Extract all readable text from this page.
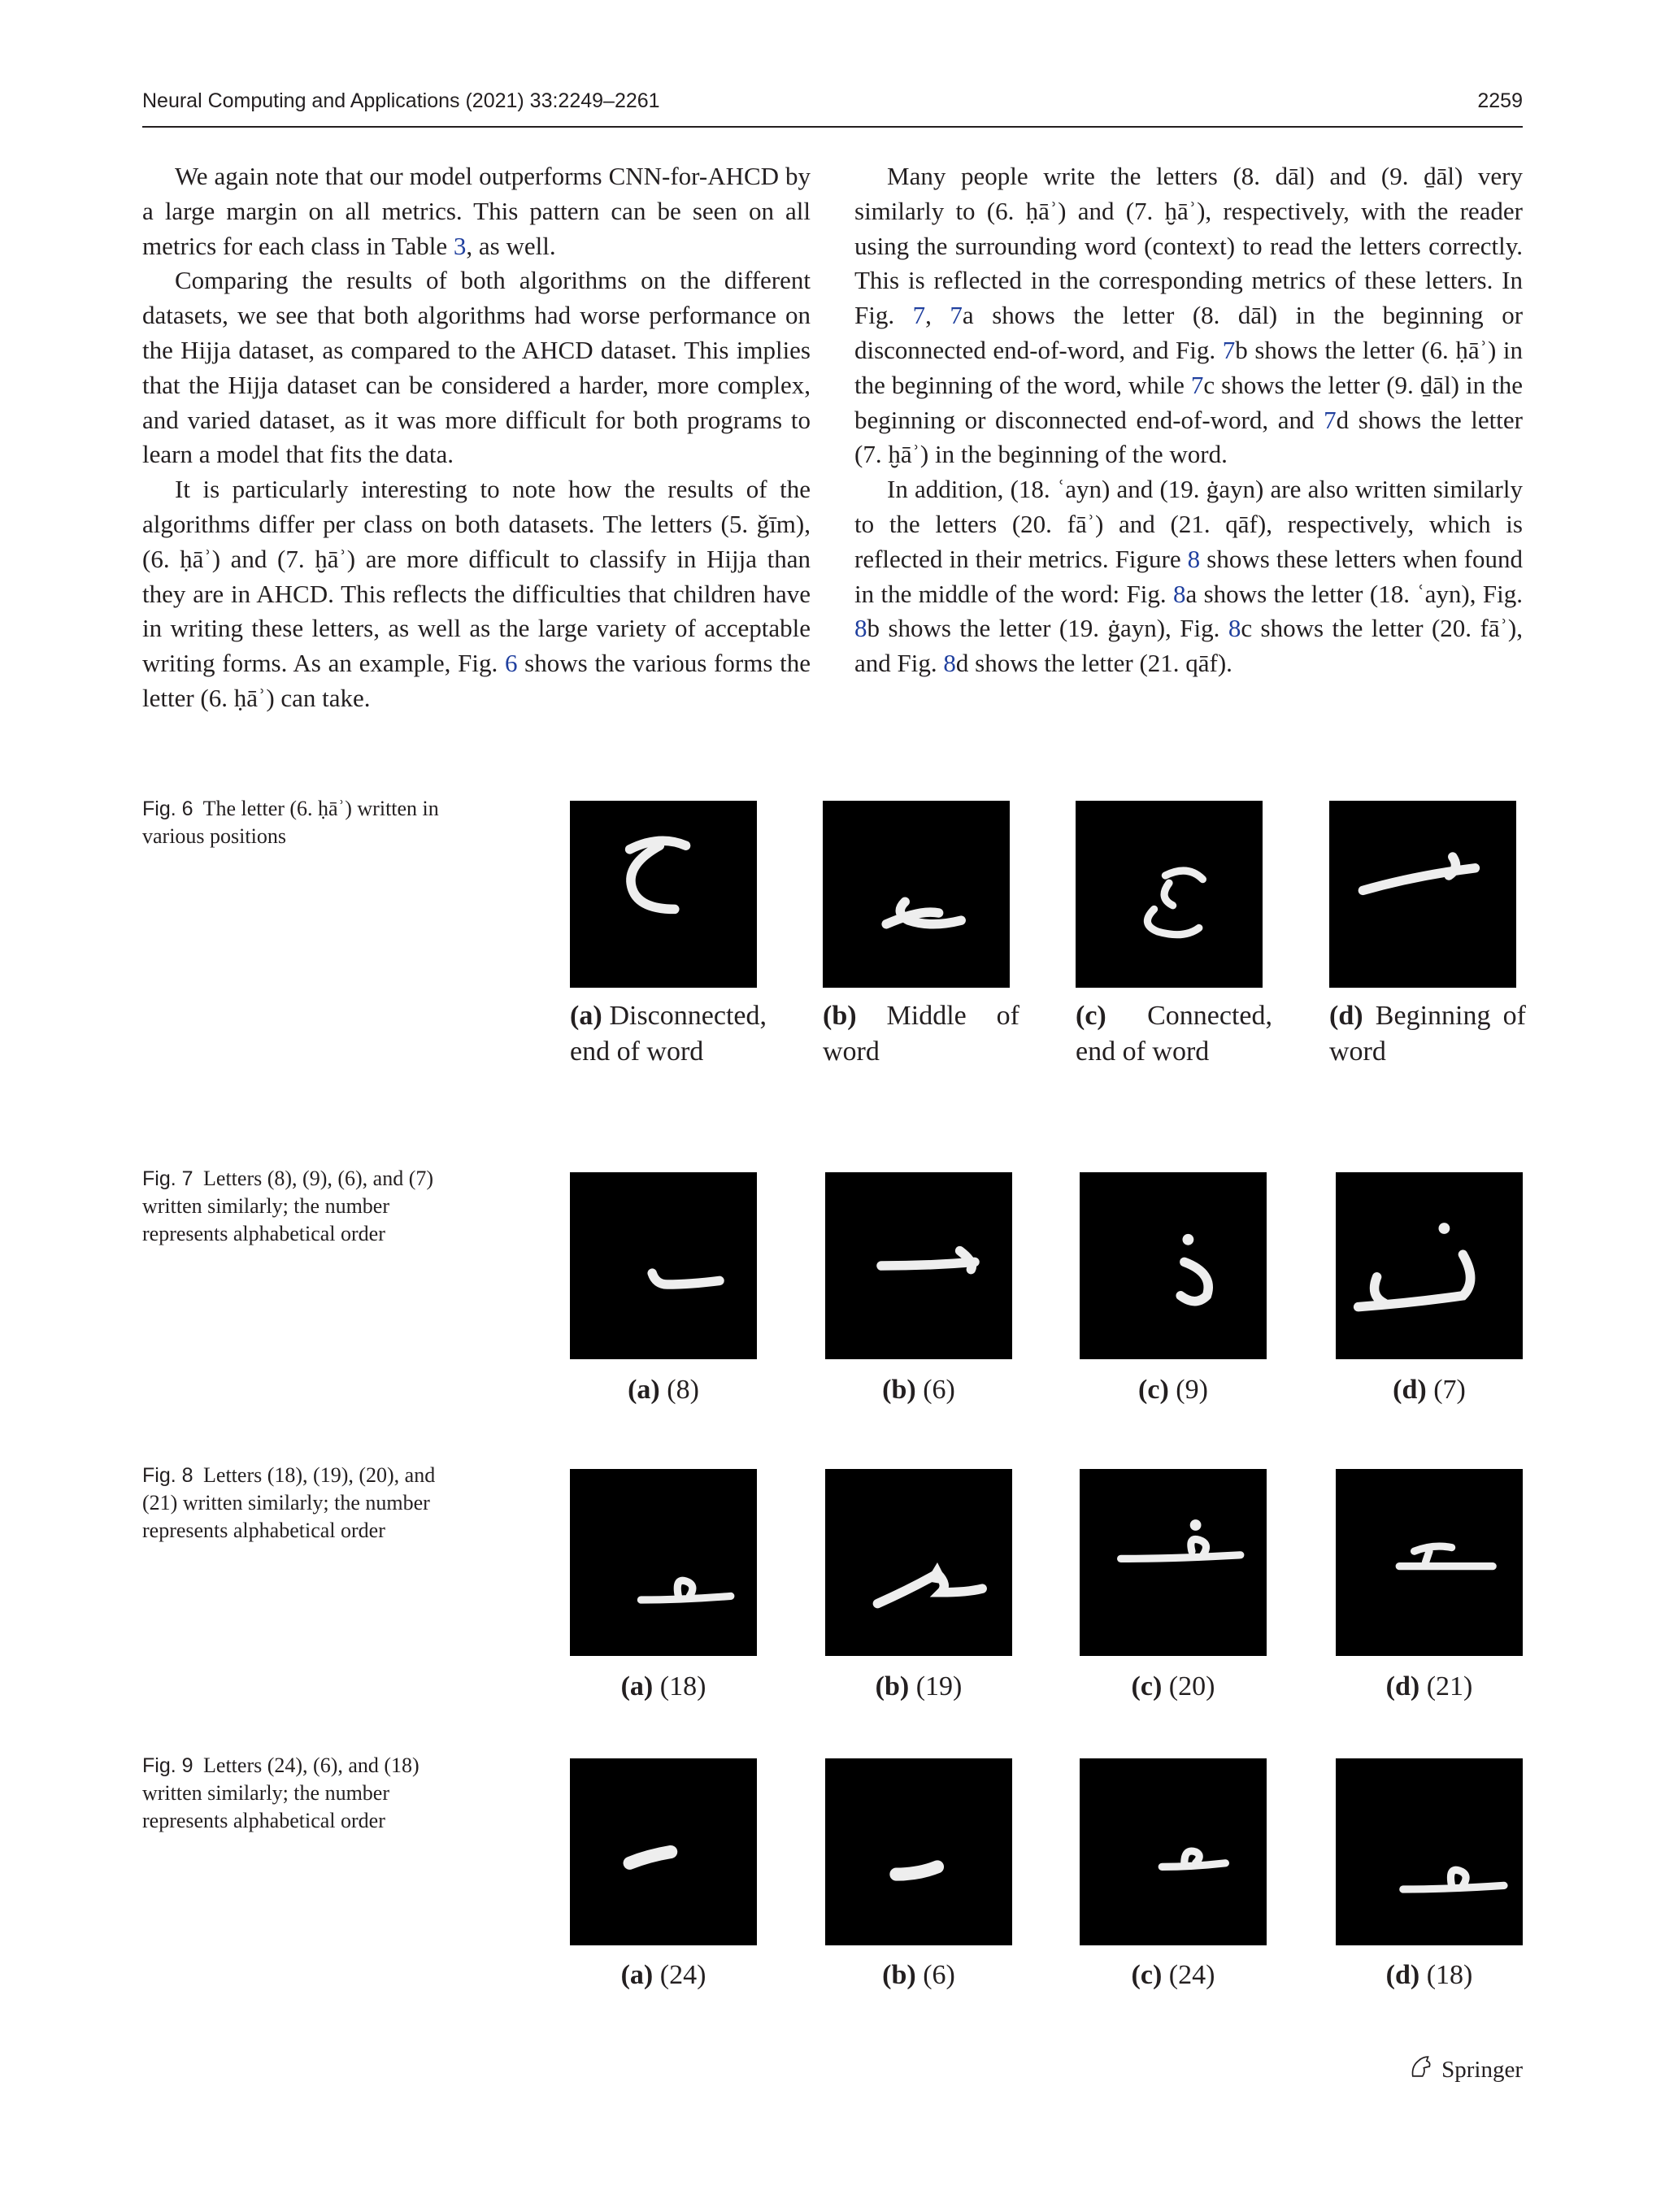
Neural Computing and Applications (2021) 33:2249–2261	2259

We again note that our model outperforms CNN-for-AHCD by a large margin on all metrics. This pattern can be seen on all metrics for each class in Table 3, as well.

Comparing the results of both algorithms on the different datasets, we see that both algorithms had worse performance on the Hijja dataset, as compared to the AHCD dataset. This implies that the Hijja dataset can be considered a harder, more complex, and varied dataset, as it was more difficult for both programs to learn a model that fits the data.

It is particularly interesting to note how the results of the algorithms differ per class on both datasets. The letters (5. ǧīm), (6. ḥāʾ) and (7. ḫāʾ) are more difficult to classify in Hijja than they are in AHCD. This reflects the difficulties that children have in writing these letters, as well as the large variety of acceptable writing forms. As an example, Fig. 6 shows the various forms the letter (6. ḥāʾ) can take.

Many people write the letters (8. dāl) and (9. ḏāl) very similarly to (6. ḥāʾ) and (7. ḫāʾ), respectively, with the reader using the surrounding word (context) to read the letters correctly. This is reflected in the corresponding metrics of these letters. In Fig. 7, 7a shows the letter (8. dāl) in the beginning or disconnected end-of-word, and Fig. 7b shows the letter (6. ḥāʾ) in the beginning of the word, while 7c shows the letter (9. ḏāl) in the beginning or disconnected end-of-word, and 7d shows the letter (7. ḫāʾ) in the beginning of the word.

In addition, (18. ʿayn) and (19. ġayn) are also written similarly to the letters (20. fāʾ) and (21. qāf), respectively, which is reflected in their metrics. Figure 8 shows these letters when found in the middle of the word: Fig. 8a shows the letter (18. ʿayn), Fig. 8b shows the letter (19. ġayn), Fig. 8c shows the letter (20. fāʾ), and Fig. 8d shows the letter (21. qāf).

Fig. 6 The letter (6. ḥāʾ) written in various positions
(a) Disconnected, end of word
(b) Middle of word
(c) Connected, end of word
(d) Beginning of word
Fig. 7 Letters (8), (9), (6), and (7) written similarly; the number represents alphabetical order
(a) (8)	(b) (6)	(c) (9)	(d) (7)
Fig. 8 Letters (18), (19), (20), and (21) written similarly; the number represents alphabetical order
(a) (18)	(b) (19)	(c) (20)	(d) (21)
Fig. 9 Letters (24), (6), and (18) written similarly; the number represents alphabetical order
(a) (24)	(b) (6)	(c) (24)	(d) (18)
Springer
